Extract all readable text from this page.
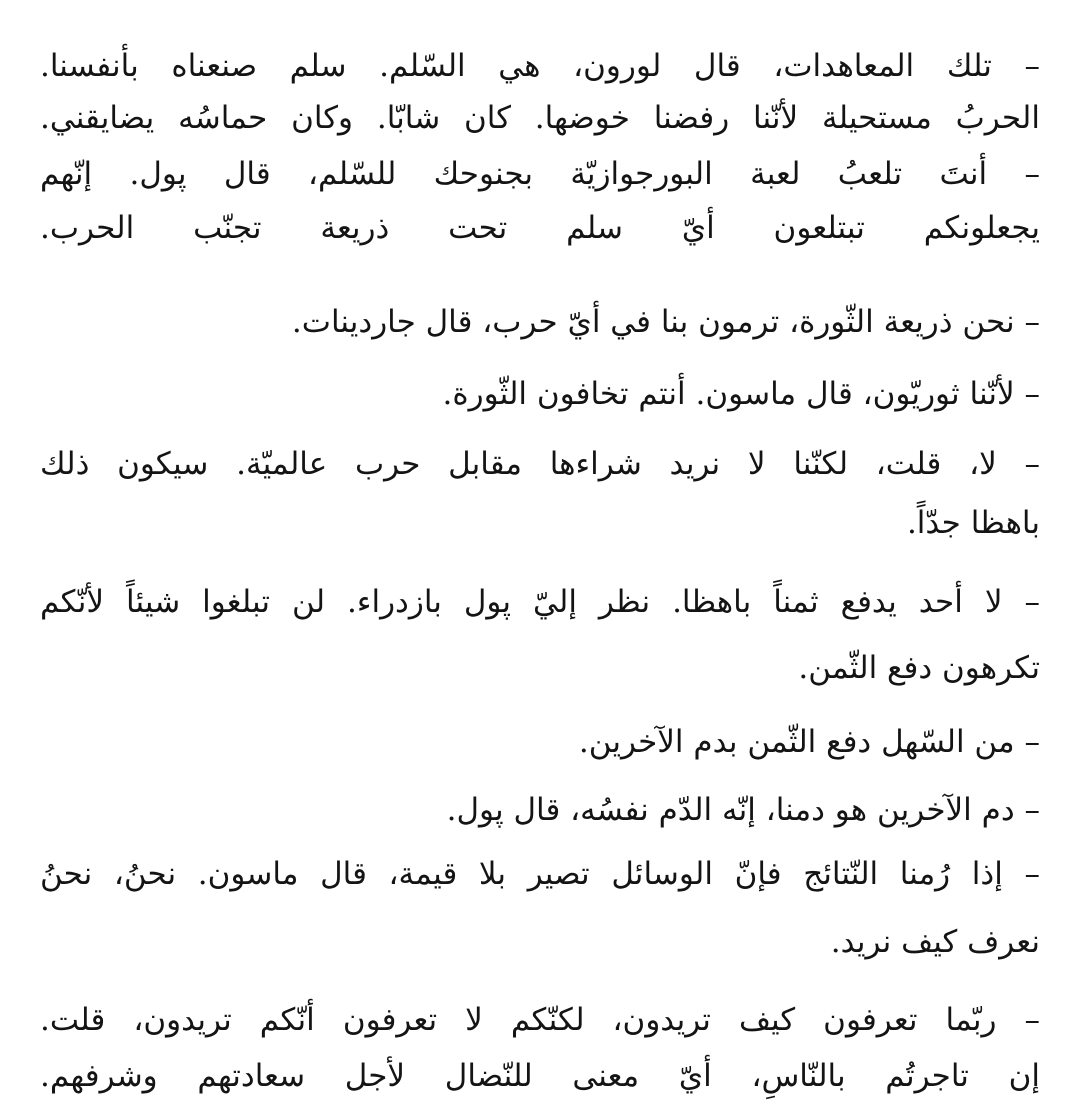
– تلك المعاهدات، قال لورون، هي السّلم. سلم صنعناه بأنفسنا.
الحربُ مستحيلة لأنّنا رفضنا خوضها. كان شابّا. وكان حماسُه يضايقني.
– أنتَ تلعبُ لعبة البورجوازيّة بجنوحك للسّلم، قال پول. إنّهم
يجعلونكم تبتلعون أيّ سلم تحت ذريعة تجنّب الحرب.
– نحن ذريعة الثّورة، ترمون بنا في أيّ حرب، قال جاردينات.
– لأنّنا ثوريّون، قال ماسون. أنتم تخافون الثّورة.
– لا، قلت، لكنّنا لا نريد شراءها مقابل حرب عالميّة. سيكون ذلك
باهظا جدّاً.
– لا أحد يدفع ثمناً باهظا. نظر إليّ پول بازدراء. لن تبلغوا شيئاً لأنّكم
تكرهون دفع الثّمن.
– من السّهل دفع الثّمن بدم الآخرين.
– دم الآخرين هو دمنا، إنّه الدّم نفسُه، قال پول.
– إذا رُمنا النّتائج فإنّ الوسائل تصير بلا قيمة، قال ماسون. نحنُ، نحنُ
نعرف كيف نريد.
– ربّما تعرفون كيف تريدون، لكنّكم لا تعرفون أنّكم تريدون، قلت.
إن تاجرتُم بالنّاسِ، أيّ معنى للنّضال لأجل سعادتهم وشرفهم.
